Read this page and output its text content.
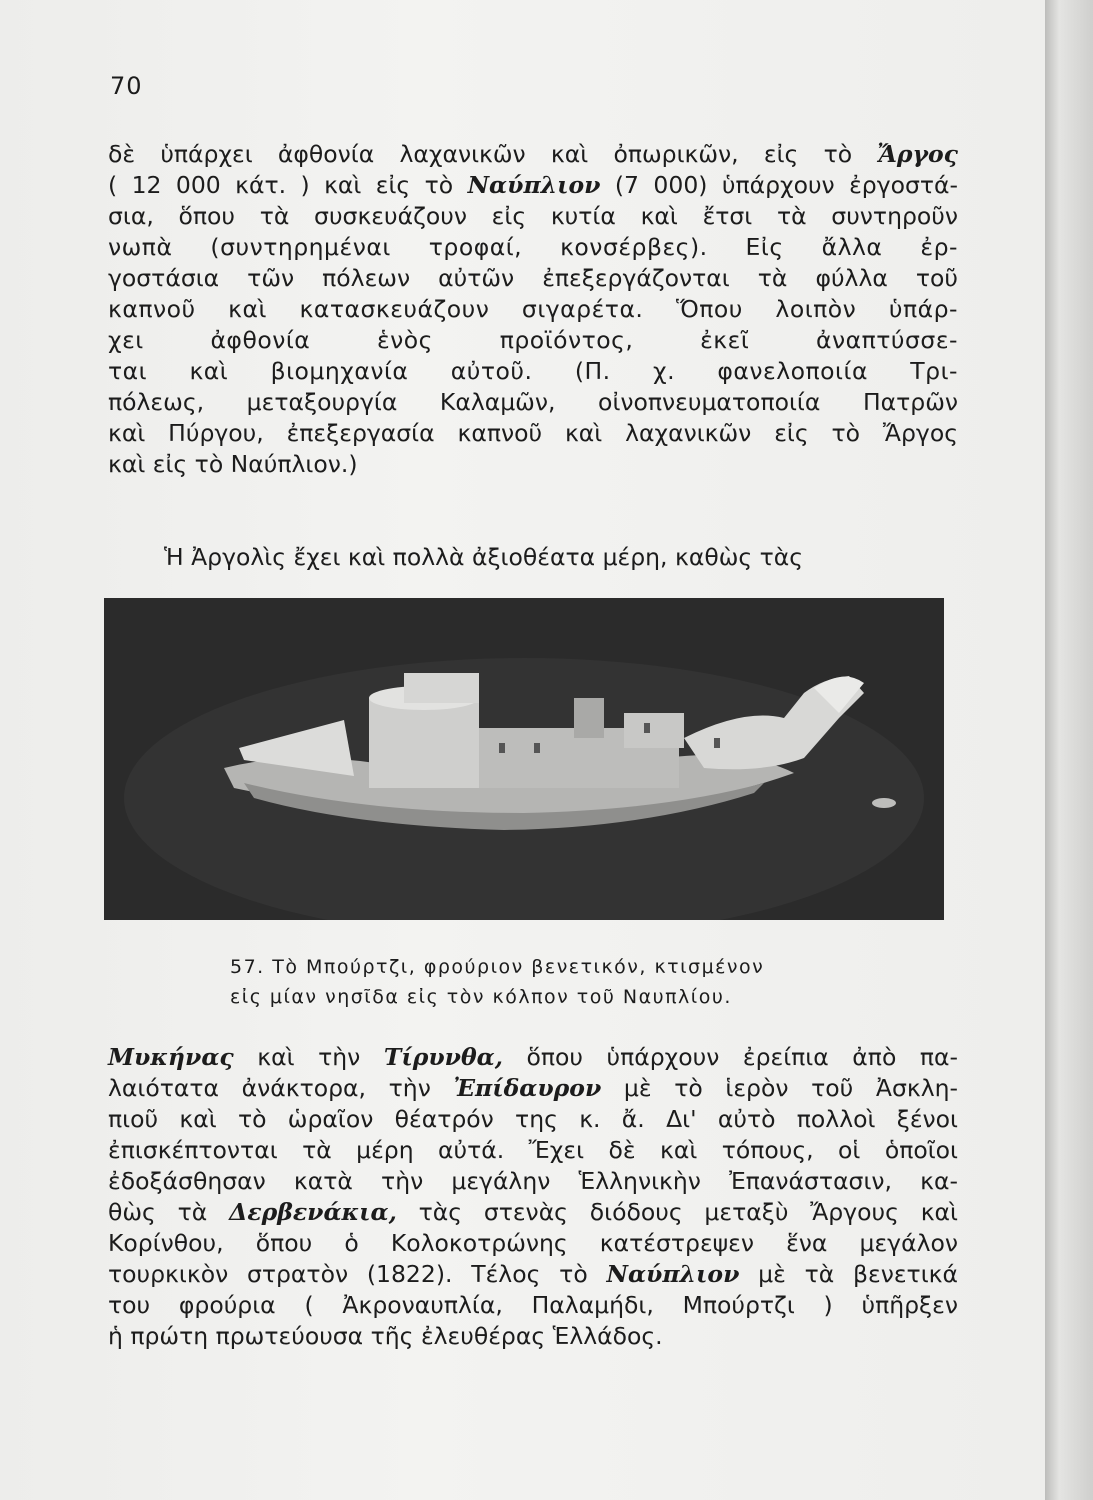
70
δὲ ὑπάρχει ἀφθονία λαχανικῶν καὶ ὀπωρικῶν, εἰς τὸ Ἄργος
( 12 000 κάτ. ) καὶ εἰς τὸ Ναύπλιον (7 000) ὑπάρχουν ἐργοστά-
σια, ὅπου τὰ συσκευάζουν εἰς κυτία καὶ ἔτσι τὰ συντηροῦν
νωπὰ (συντηρημέναι τροφαί, κονσέρβες). Εἰς ἄλλα ἐρ-
γοστάσια τῶν πόλεων αὐτῶν ἐπεξεργάζονται τὰ φύλλα τοῦ
καπνοῦ καὶ κατασκευάζουν σιγαρέτα. Ὅπου λοιπὸν ὑπάρ-
χει ἀφθονία ἑνὸς προϊόντος, ἐκεῖ ἀναπτύσσε-
ται καὶ βιομηχανία αὐτοῦ. (Π. χ. φανελοποιία Τρι-
πόλεως, μεταξουργία Καλαμῶν, οἰνοπνευματοποιία Πατρῶν
καὶ Πύργου, ἐπεξεργασία καπνοῦ καὶ λαχανικῶν εἰς τὸ Ἄργος
καὶ εἰς τὸ Ναύπλιον.)
Ἡ Ἀργολὶς ἔχει καὶ πολλὰ ἀξιοθέατα μέρη, καθὼς τὰς
57. Τὸ Μπούρτζι, φρούριον βενετικόν, κτισμένον
εἰς μίαν νησῖδα εἰς τὸν κόλπον τοῦ Ναυπλίου.
Μυκήνας καὶ τὴν Τίρυνθα, ὅπου ὑπάρχουν ἐρείπια ἀπὸ πα-
λαιότατα ἀνάκτορα, τὴν Ἐπίδαυρον μὲ τὸ ἱερὸν τοῦ Ἀσκλη-
πιοῦ καὶ τὸ ὡραῖον θέατρόν της κ. ἄ. Δι' αὐτὸ πολλοὶ ξένοι
ἐπισκέπτονται τὰ μέρη αὐτά. Ἔχει δὲ καὶ τόπους, οἱ ὁποῖοι
ἐδοξάσθησαν κατὰ τὴν μεγάλην Ἑλληνικὴν Ἐπανάστασιν, κα-
θὼς τὰ Δερβενάκια, τὰς στενὰς διόδους μεταξὺ Ἄργους καὶ
Κορίνθου, ὅπου ὁ Κολοκοτρώνης κατέστρεψεν ἕνα μεγάλον
τουρκικὸν στρατὸν (1822). Τέλος τὸ Ναύπλιον μὲ τὰ βενετικά
του φρούρια ( Ἀκροναυπλία, Παλαμήδι, Μπούρτζι ) ὑπῆρξεν
ἡ πρώτη πρωτεύουσα τῆς ἐλευθέρας Ἑλλάδος.
